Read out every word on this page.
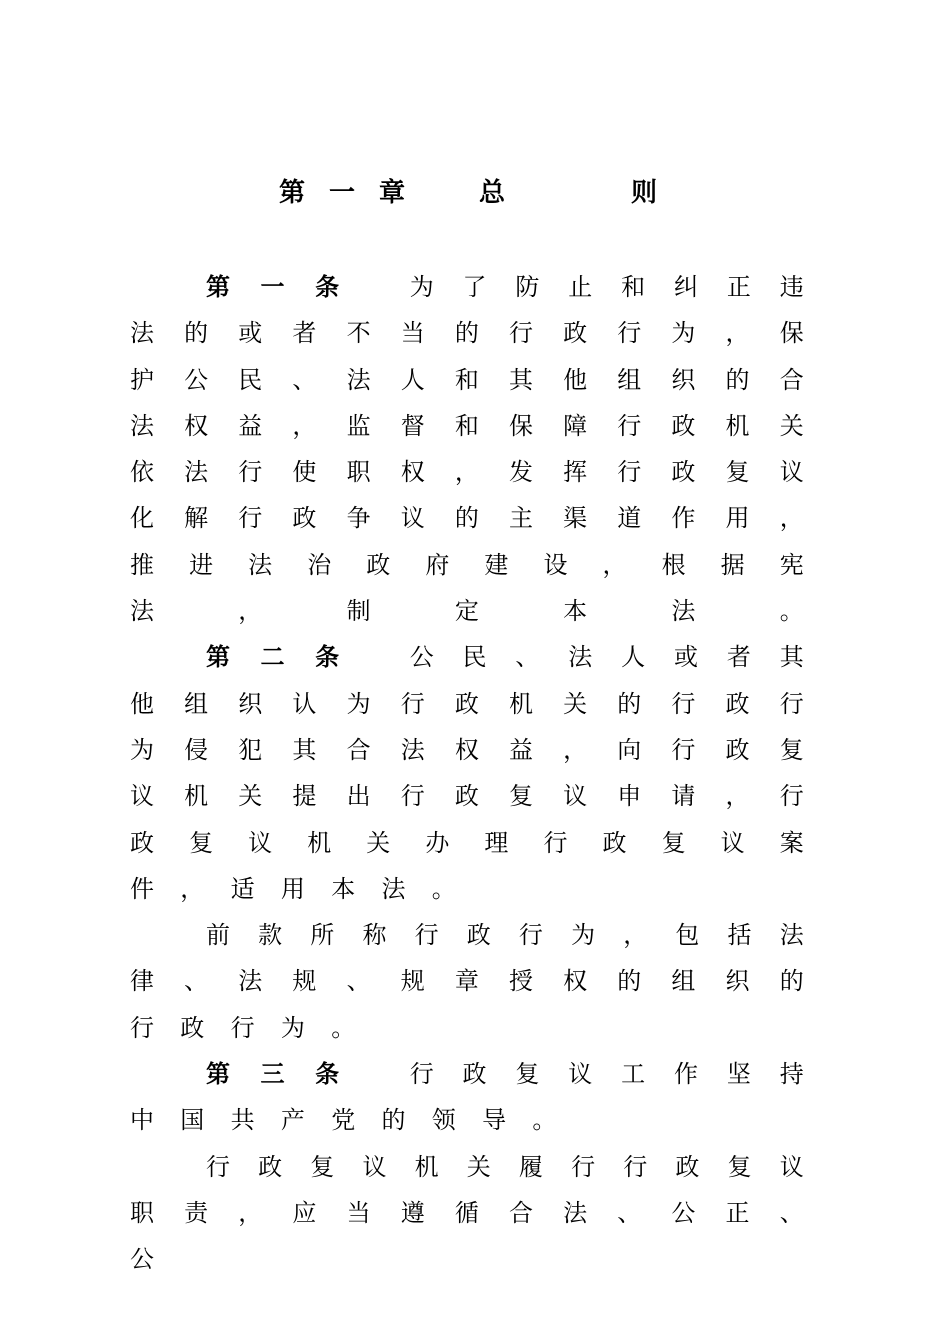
第一章 总	则

第一条 为了防止和纠正违法的或者不当的行政行为，保护公民、法人和其他组织的合法权益，监督和保障行政机关依法行使职权，发挥行政复议化解行政争议的主渠道作用，推进法治政府建设，根据宪法，制定本法。

第二条 公民、法人或者其他组织认为行政机关的行政行为侵犯其合法权益，向行政复议机关提出行政复议申请，行政复议机关办理行政复议案件，适用本法。

前款所称行政行为，包括法律、法规、规章授权的组织的行政行为。

第三条 行政复议工作坚持中国共产党的领导。

行政复议机关履行行政复议职责，应当遵循合法、公正、公
